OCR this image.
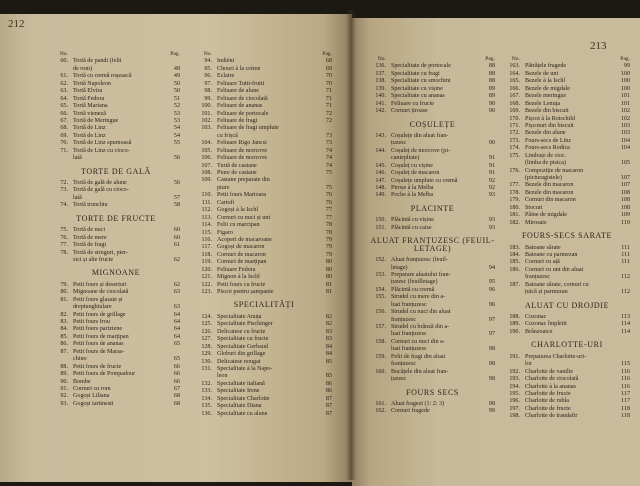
212
213
No.	Pag.
60. Tortă de pandi (felii
de rom)	48
61. Tortă cu cremă roșească	49
62. Tortă Napoleon	50
63. Tortă Elvira	50
64. Tortă Fedora	51
65. Tortă Mariana	52
66. Tortă vieneză	53
67. Tortă de Meringue	53
68. Tortă de Linz	54
69. Tortă de Linz	54
70. Tortă de Linz spumoasă	55
71. Tortă de Linz cu cioco-
lată	56
TORTE DE GALĂ
72. Tortă de gală de alune	56
73. Tortă de gală cu cioco-
lată	57
74. Tortă trunchiu	58
TORTE DE FRUCTE
75. Tortă de nuci	60
76. Tortă de mere	60
77. Tortă de fragi	61
78. Tortă de struguri, pier-
sici și alte fructe	62
MIGNOANE
79. Petit fours și deserturi	62
80. Mignoane de ciocolată	63
81. Petit fours glazate și
dreptunghiulare	63
82. Petit fours de grillage	64
83. Petit fours frou	64
84. Petit fours pariziene	64
85. Petit fours de marțipan	64
86. Petit fours de ananas	65
87. Petit fours de Maras-
chino	65
88. Petit fours de fructe	66
89. Petit fours de Pompadour	66
90. Bombe	66
91. Cornuri cu rom	67
92. Gogoși Liliana	68
93. Gogoși tartinesti	68
No.	Pag.
94. Indiéni	68
95. Chouri à la crème	69
96. Eclaire	70
97. Feliuare Tutti-frutti	70
98. Feliuare de alune	71
99. Feliuare de ciocolată	71
100. Feliuare de ananas	71
101. Feliuare de portocale	72
102. Feliuare de fragi	72
103. Feliuare de fragi umplute
cu frișcă	73
104. Feliuare Rigo Jancsi	73
105. Feliuare de morcove	74
106. Feliuare de morcove	74
107. Turtă de castane	74
108. Piure de castane	75
109. Castane preparate din
piure	75
110. Petit fours Marioara	76
111. Cartofi	76
112. Gogoși à la Ischl	77
113. Cornuri cu nuci și unt	77
114. Felii cu marcipan	78
115. Figaro	78
116. Acoperi de macaroane	79
117. Gogoși de macaron	79
118. Cornuri de macaron	79
119. Cornuri de marțipan	80
120. Feliuare Fedora	80
121. Mignon à la Ischl	80
122. Petit fours cu fructe	81
123. Piscot pentru șampanie	81
SPECIALITĂȚI
124. Specialitate Anuța	82
125. Specialitate Pischinger	82
126. Delicatese cu fructe	83
127. Specialitate cu fructe	83
128. Specialitate Gerbaud	84
129. Globuri din grillage	84
130. Delicatese nougat	85
131. Specialitate à la Napo-
leon	85
132. Specialitate italiană	86
133. Specialitate Irene	86
134. Specialitate Charlotte	87
135. Specialitate Diana	87
136. Specialitate cu alune	87
No.	Pag.
136. Specialitate de portocale	88
137. Specialitate cu fragi	88
138. Specialitate cu smochini	88
139. Specialitate cu vișine	89
140. Specialitate cu ananas	89
141. Feliuare cu fructe	90
142. Cornuri țiroase	90
COȘULEȚE
143. Coșulețe din aluat fran-
țuzesc	90
144. Coșuleț de morcove (pi-
cantepliate)	91
145. Coșuleț cu vișine	91
146. Coșuleț de macaron	91
147. Coșulețe umplute cu cremă	92
148. Piroșe à la Melba	92
149. Poche à la Melba	93
PLACINTE
150. Plăcintă cu vișine	93
151. Plăcintă cu caise	93
ALUAT FRANȚUZESC (FEUIL-
LETAGE)
152. Aluat franțuzesc (feuil-
letage)	94
153. Preparare aluatului fran-
țuzesc (feuilletage)	95
154. Plăcintă cu cremă	96
155. Strudel cu mere din a-
luat franțuzesc	96
156. Strudel cu nuci din aluat
franțuzesc	97
157. Strudel cu brânză din a-
luat franțuzesc	97
158. Cornuri cu nuci din a-
luat franțuzesc	98
159. Felii de fragi din aluat
franțuzesc	98
160. Bucățele din aluat fran-
țuzesc	98
FOURS SECS
161. Aluat fragezi (1: 2: 3)	98
162. Cornuri fragede	99
No.	Pag.
163. Pătrățele fragede	99
164. Bezele de unt	100
165. Bezele à la Ischl	100
166. Bezele de migdale	100
167. Bezele meringue	101
168. Bezele Lenuța	101
169. Bezele din biscuit	102
170. Pișcot à la Rotschild	102
171. Pișcoturi din biscuit	103
172. Bezele din alune	103
173. Fours-secs de Linz	104
174. Fours-secs Rodica	104
175. Limbuțe de cioc.
(limba de pisica)	105
176. Compoziție de macaron
(picturagistele)	107
177. Bezele din macaron	107
178. Bezele din macaron	108
179. Cornuri din macaron	108
180. Stocuri	108
181. Pâine de migdale	109
182. Mirosate	110
FOURS-SECS SARATE
183. Batoane sărate	111
184. Batoane cu parmezan	111
185. Cornuri cu ață	111
186. Cornuri cu unt din aluat
franțuzesc	112
187. Batoane sărate, cornuri cu
țuică și parmezan	112
ALUAT CU DROJDIE
188. Cozonac	113
189. Cozonac împletit	114
190. Brânzoaice	114
CHARLOTTE-URI
191. Prepararea Charlotte-uri-
lor	115
192. Charlotte de vanilie	116
193. Charlotte de ciocolată	116
194. Charlotte à la ananas	116
195. Charlotte de fructe	117
196. Charlotte de rubla	117
197. Charlotte de fructe	118
198. Charlotte de trandafir	118
